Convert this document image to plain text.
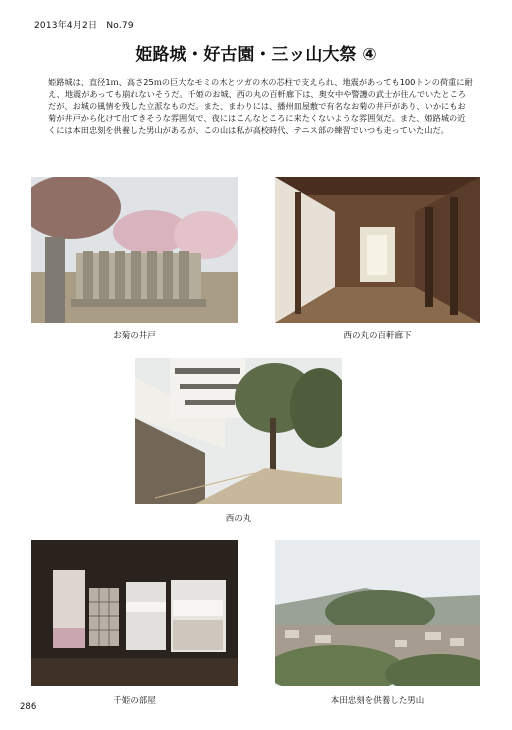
2013年4月2日　No.79
姫路城・好古園・三ッ山大祭 ④
姫路城は、直径1ｍ、高さ25ｍの巨大なモミの木とツガの木の芯柱で支えられ、地震があっても100トンの荷重に耐え、地震があっても崩れないそうだ。千姫のお城、西の丸の百軒廊下は、奥女中や警護の武士が住んでいたところだが、お城の風情を残した立派なものだ。また、まわりには、播州皿屋敷で有名なお菊の井戸があり、いかにもお菊が井戸から化けて出てきそうな雰囲気で、夜にはこんなところに来たくないような雰囲気だ。また、姫路城の近くには本田忠刻を供養した男山があるが、この山は私が高校時代、テニス部の練習でいつも走っていた山だ。
お菊の井戸	西の丸の百軒廊下
西の丸
千姫の部屋	本田忠刻を供養した男山
286
